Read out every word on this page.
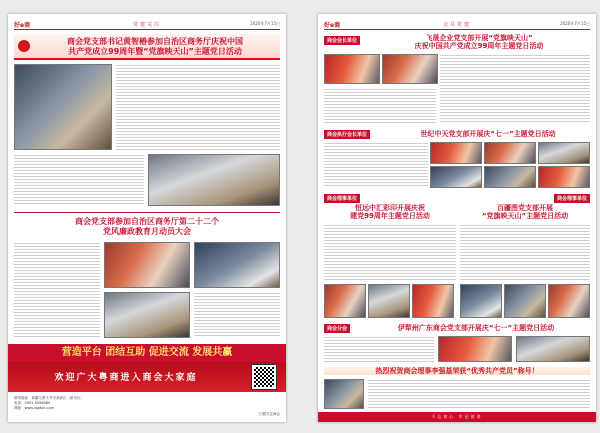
好e商	党建关注	2020年7月15日
商会党支部书记黄智椿参加自治区商务厅庆祝中国
共产党成立99周年暨“党旗映天山”主题党日活动
商会党支部参加自治区商务厅第二十二个
党风廉政教育月动员大会
营造平台 团结互助 促进交流 发展共赢
欢迎广大粤商进入商会大家庭
联络地址：新疆乌鲁木齐市高新区（新市区）
电话：0991-5596080
网址：www.xjgdsh.com
扫描关注商会
好e商	会员党建	2020年7月15日
商会会长单位	飞晟企业党支部开展“党旗映天山”
庆祝中国共产党成立99周年主题党日活动
商会执行会长单位	世纪中天党支部开展庆“七一”主题党日活动
商会理事单位
恒远中汇彩印开展庆祝
建党99周年主题党日活动
商会理事单位
百疆图党支部开展
“党旗映天山”主题党日活动
商会分会	伊犁州广东商会党支部开展庆“七一”主题党日活动
热烈祝贺商会理事李强基荣获“优秀共产党员”称号！
不忘初心 牢记使命
